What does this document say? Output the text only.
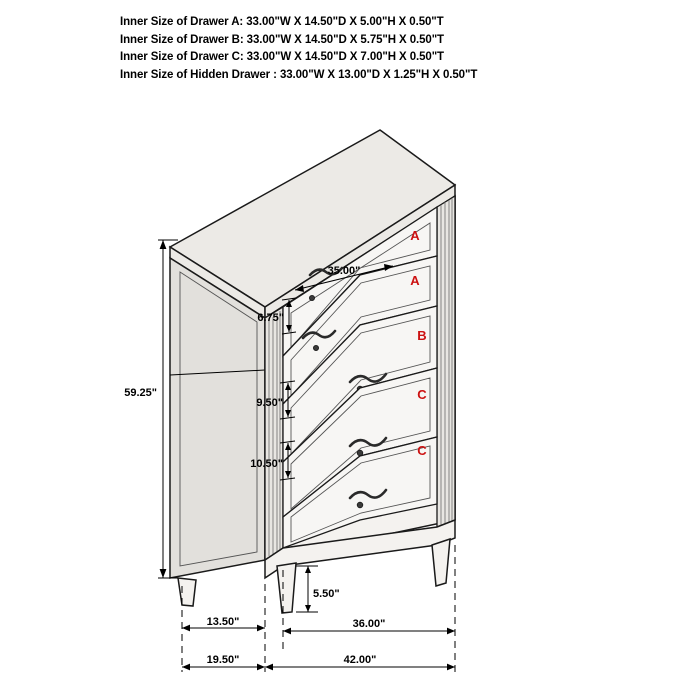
Inner Size of Drawer A: 33.00"W X 14.50"D X 5.00"H X 0.50"T
Inner Size of Drawer B: 33.00"W X 14.50"D X 5.75"H X 0.50"T
Inner Size of Drawer C: 33.00"W X 14.50"D X 7.00"H X 0.50"T
Inner Size of Hidden Drawer : 33.00"W X 13.00"D X 1.25"H X 0.50"T
A
A
B
C
C
59.25"
35.00"
6.75"
9.50"
10.50"
5.50"
13.50"	36.00"
19.50"	42.00"
